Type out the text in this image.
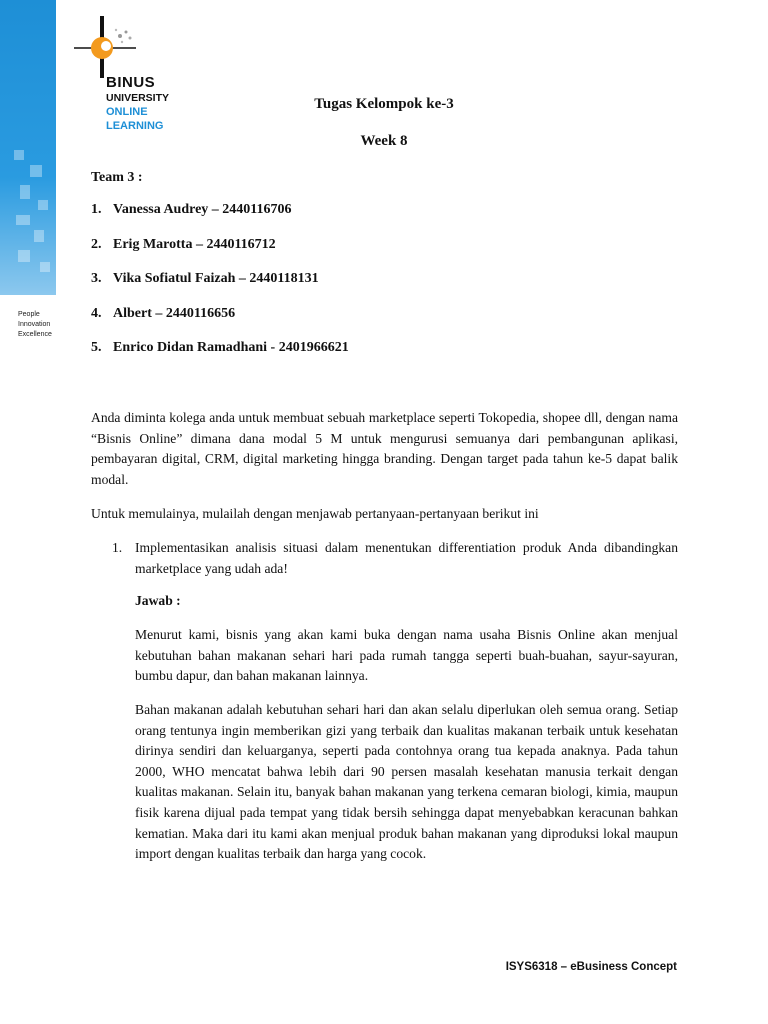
People
Innovation
Excellence
BINUS
UNIVERSITY
ONLINE
LEARNING
Tugas Kelompok ke-3
Week 8
Team 3 :
1. Vanessa Audrey – 2440116706
2. Erig Marotta – 2440116712
3. Vika Sofiatul Faizah – 2440118131
4. Albert – 2440116656
5. Enrico Didan Ramadhani - 2401966621
Anda diminta kolega anda untuk membuat sebuah marketplace seperti Tokopedia, shopee dll, dengan nama “Bisnis Online” dimana dana modal 5 M untuk mengurusi semuanya dari pembangunan aplikasi, pembayaran digital, CRM, digital marketing hingga branding. Dengan target pada tahun ke-5 dapat balik modal.
Untuk memulainya, mulailah dengan menjawab pertanyaan-pertanyaan berikut ini
1. Implementasikan analisis situasi dalam menentukan differentiation produk Anda dibandingkan marketplace yang udah ada!
Jawab :
Menurut kami, bisnis yang akan kami buka dengan nama usaha Bisnis Online akan menjual kebutuhan bahan makanan sehari hari pada rumah tangga seperti buah-buahan, sayur-sayuran, bumbu dapur, dan bahan makanan lainnya.
Bahan makanan adalah kebutuhan sehari hari dan akan selalu diperlukan oleh semua orang. Setiap orang tentunya ingin memberikan gizi yang terbaik dan kualitas makanan terbaik untuk kesehatan dirinya sendiri dan keluarganya, seperti pada contohnya orang tua kepada anaknya. Pada tahun 2000, WHO mencatat bahwa lebih dari 90 persen masalah kesehatan manusia terkait dengan kualitas makanan. Selain itu, banyak bahan makanan yang terkena cemaran biologi, kimia, maupun fisik karena dijual pada tempat yang tidak bersih sehingga dapat menyebabkan keracunan bahkan kematian. Maka dari itu kami akan menjual produk bahan makanan yang diproduksi lokal maupun import dengan kualitas terbaik dan harga yang cocok.
ISYS6318 – eBusiness Concept
